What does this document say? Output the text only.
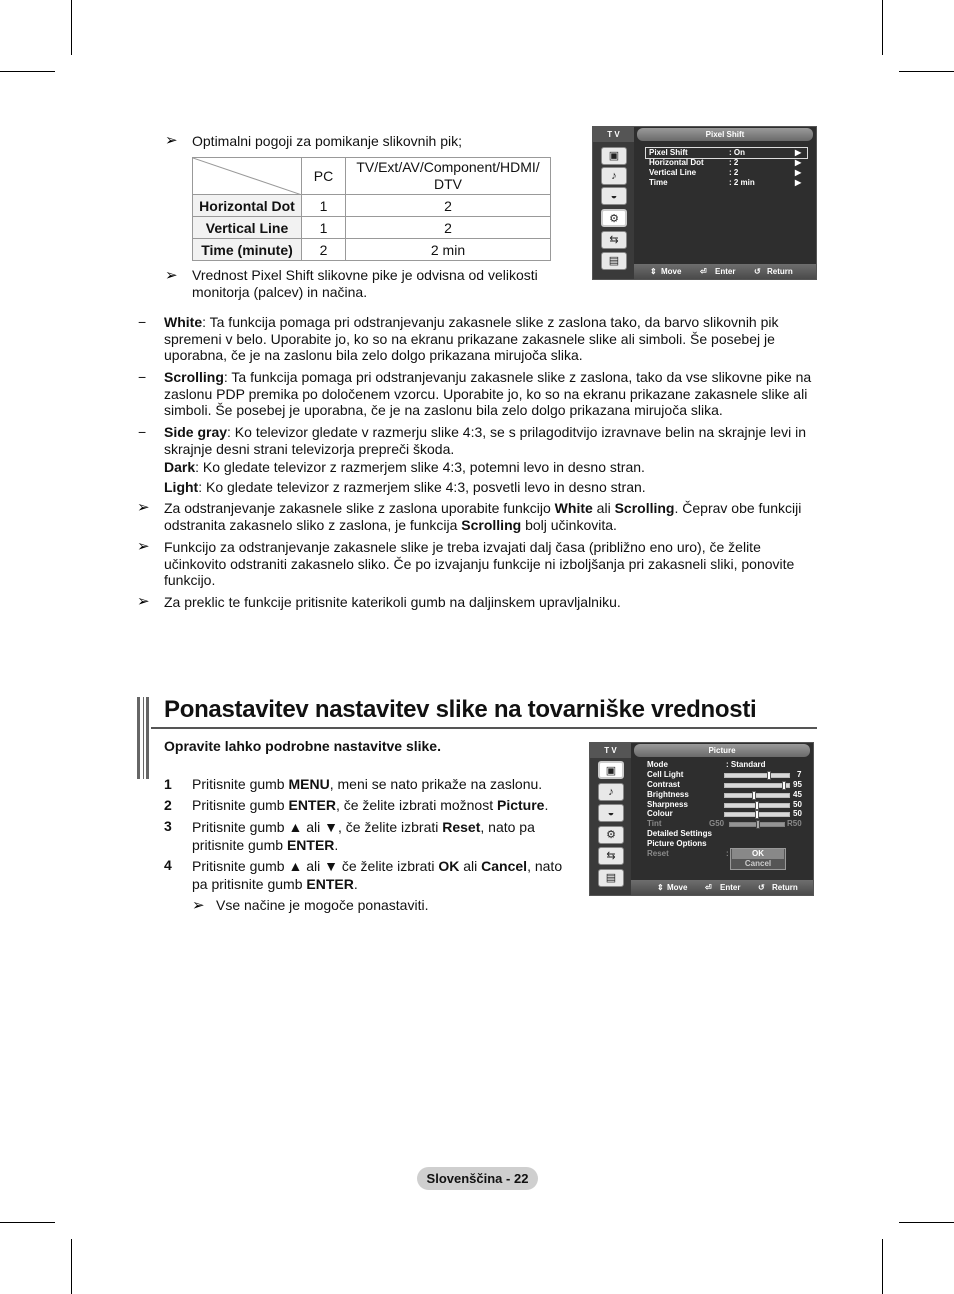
➢ Optimalni pogoji za pomikanje slikovnih pik;
	PC	TV/Ext/AV/Component/HDMI/ DTV
Horizontal Dot	1	2
Vertical Line	1	2
Time (minute)	2	2 min
➢ Vrednost Pixel Shift slikovne pike je odvisna od velikosti monitorja (palcev) in načina.
T V	Pixel Shift
▣
♪
◒
⚙
⇆
▤
Pixel Shift	: On	▶
Horizontal Dot	: 2	▶
Vertical Line	: 2	▶
Time	: 2 min	▶
⇕ Move ⏎ Enter ↺ Return
− White: Ta funkcija pomaga pri odstranjevanju zakasnele slike z zaslona tako, da barvo slikovnih pik spremeni v belo. Uporabite jo, ko so na ekranu prikazane zakasnele slike ali simboli. Še posebej je uporabna, če je na zaslonu bila zelo dolgo prikazana mirujoča slika.
− Scrolling: Ta funkcija pomaga pri odstranjevanju zakasnele slike z zaslona, tako da vse slikovne pike na zaslonu PDP premika po določenem vzorcu. Uporabite jo, ko so na ekranu prikazane zakasnele slike ali simboli. Še posebej je uporabna, če je na zaslonu bila zelo dolgo prikazana mirujoča slika.
− Side gray: Ko televizor gledate v razmerju slike 4:3, se s prilagoditvijo izravnave belin na skrajnje levi in skrajnje desni strani televizorja prepreči škoda.
Dark: Ko gledate televizor z razmerjem slike 4:3, potemni levo in desno stran.
Light: Ko gledate televizor z razmerjem slike 4:3, posvetli levo in desno stran.
➢ Za odstranjevanje zakasnele slike z zaslona uporabite funkcijo White ali Scrolling. Čeprav obe funkciji odstranita zakasnelo sliko z zaslona, je funkcija Scrolling bolj učinkovita.
➢ Funkcijo za odstranjevanje zakasnele slike je treba izvajati dalj časa (približno eno uro), če želite učinkovito odstraniti zakasnelo sliko. Če po izvajanju funkcije ni izboljšanja pri zakasneli sliki, ponovite funkcijo.
➢ Za preklic te funkcije pritisnite katerikoli gumb na daljinskem upravljalniku.
Ponastavitev nastavitev slike na tovarniške vrednosti
Opravite lahko podrobne nastavitve slike.
1 Pritisnite gumb MENU, meni se nato prikaže na zaslonu.
2 Pritisnite gumb ENTER, če želite izbrati možnost Picture.
3 Pritisnite gumb ▲ ali ▼, če želite izbrati Reset, nato pa pritisnite gumb ENTER.
4 Pritisnite gumb ▲ ali ▼ če želite izbrati OK ali Cancel, nato pa pritisnite gumb ENTER.
➢ Vse načine je mogoče ponastaviti.
T V	Picture
▣
♪
◒
⚙
⇆
▤
Mode	: Standard
Cell Light	7
Contrast	95
Brightness	45
Sharpness	50
Colour	50
Tint	G50	R50
Detailed Settings
Picture Options
Reset	:	OK
Cancel
⇕ Move ⏎ Enter ↺ Return
Slovenščina - 22
